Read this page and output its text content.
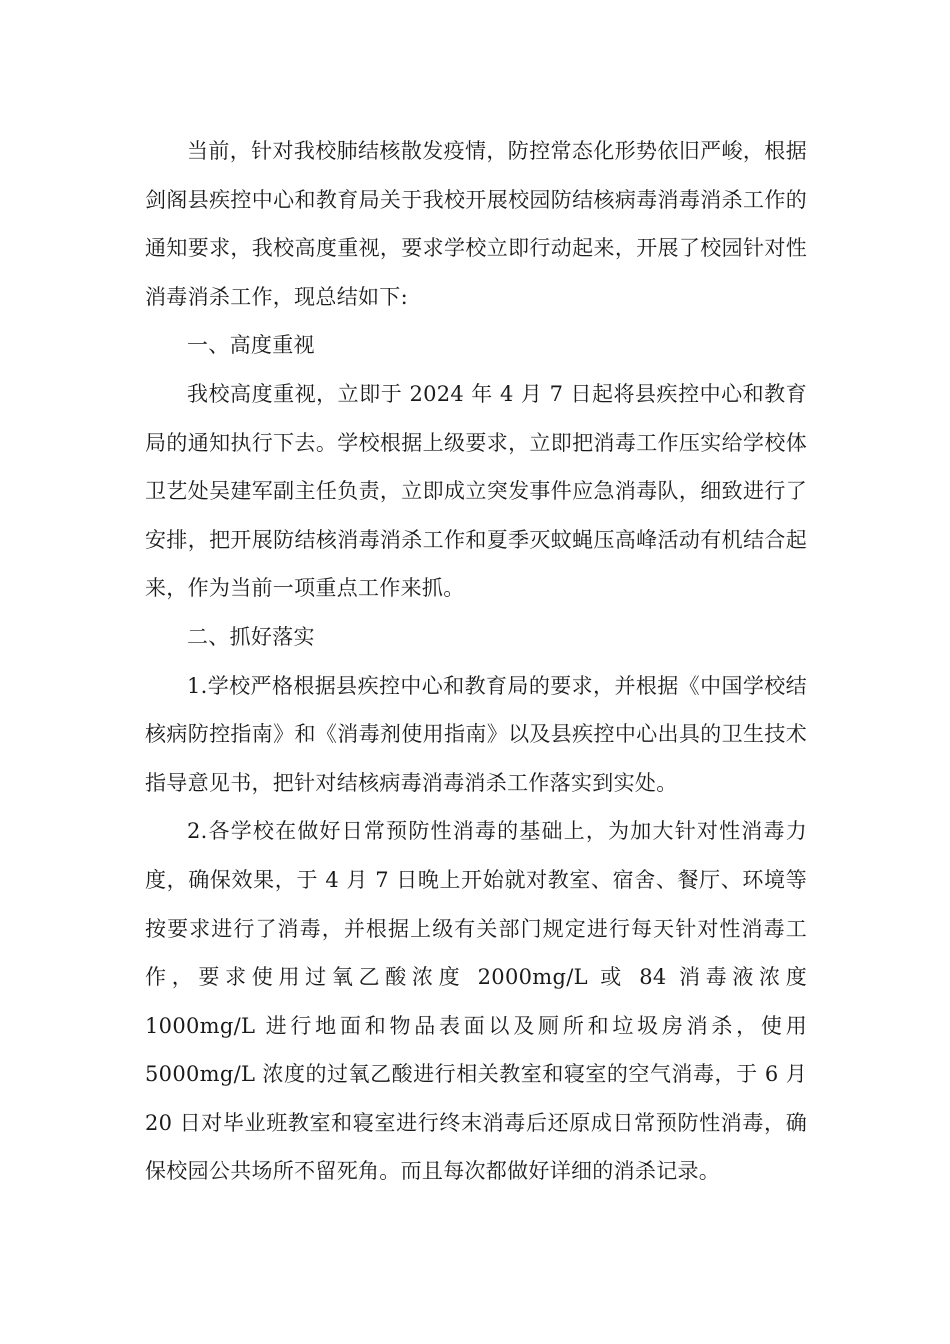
当前，针对我校肺结核散发疫情，防控常态化形势依旧严峻，根据剑阁县疾控中心和教育局关于我校开展校园防结核病毒消毒消杀工作的通知要求，我校高度重视，要求学校立即行动起来，开展了校园针对性消毒消杀工作，现总结如下:

一、高度重视

我校高度重视，立即于 2024 年 4 月 7 日起将县疾控中心和教育局的通知执行下去。学校根据上级要求，立即把消毒工作压实给学校体卫艺处吴建军副主任负责，立即成立突发事件应急消毒队，细致进行了安排，把开展防结核消毒消杀工作和夏季灭蚊蝇压高峰活动有机结合起来，作为当前一项重点工作来抓。

二、抓好落实

1.学校严格根据县疾控中心和教育局的要求，并根据《中国学校结核病防控指南》和《消毒剂使用指南》以及县疾控中心出具的卫生技术指导意见书，把针对结核病毒消毒消杀工作落实到实处。

2.各学校在做好日常预防性消毒的基础上，为加大针对性消毒力度，确保效果，于 4 月 7 日晚上开始就对教室、宿舍、餐厅、环境等按要求进行了消毒，并根据上级有关部门规定进行每天针对性消毒工作，要求使用过氧乙酸浓度 2000mg/L 或 84 消毒液浓度 1000mg/L 进行地面和物品表面以及厕所和垃圾房消杀，使用 5000mg/L 浓度的过氧乙酸进行相关教室和寝室的空气消毒，于 6 月 20 日对毕业班教室和寝室进行终末消毒后还原成日常预防性消毒，确保校园公共场所不留死角。而且每次都做好详细的消杀记录。
